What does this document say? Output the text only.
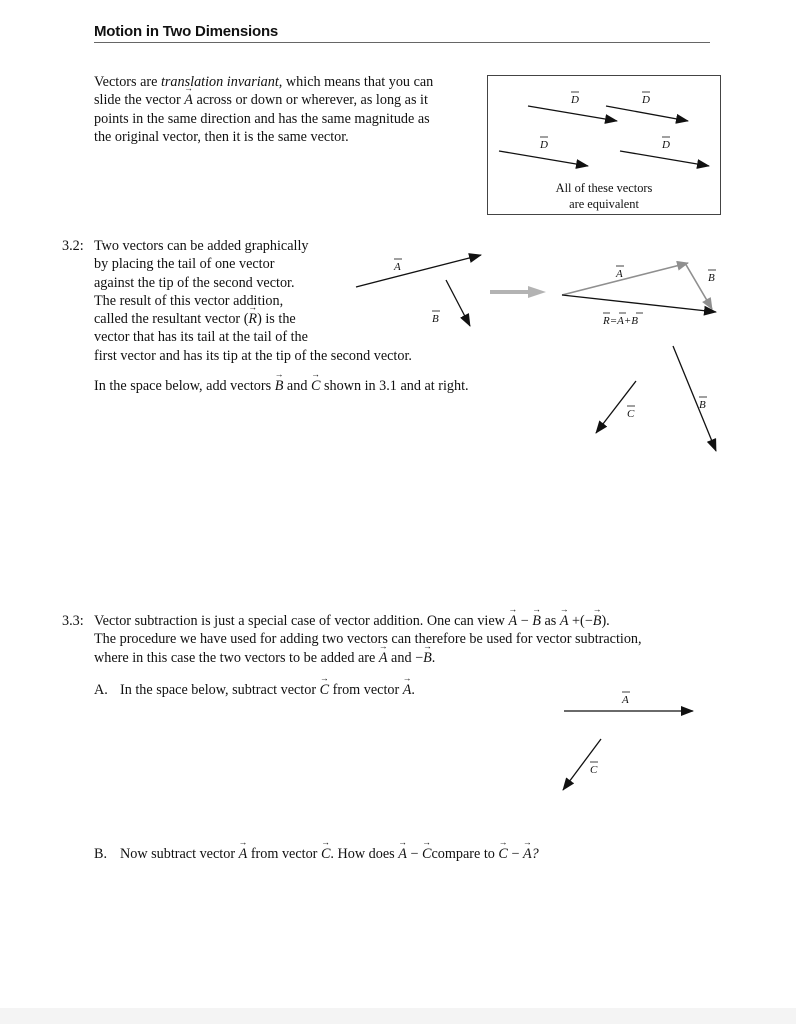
Motion in Two Dimensions
Vectors are translation invariant, which means that you can
slide the vector → A across or down or wherever, as long as it
points in the same direction and has the same magnitude as
the original vector, then it is the same vector.
All of these vectors
are equivalent
3.2: Two vectors can be added graphically
by placing the tail of one vector
against the tip of the second vector.
The result of this vector addition,
called the resultant vector (→ R) is the
vector that has its tail at the tail of the
first vector and has its tip at the tip of the second vector.
In the space below, add vectors → B and → C shown in 3.1 and at right.
3.3: Vector subtraction is just a special case of vector addition. One can view → A − → B as → A +(−→ B).
The procedure we have used for adding two vectors can therefore be used for vector subtraction,
where in this case the two vectors to be added are → A and −→ B.
A. In the space below, subtract vector → C from vector → A.
B. Now subtract vector → A from vector → C. How does → A − → Ccompare to → C − → A?
D	D
D	D
A
B
A	B
R=A+B
C
B
A
C
